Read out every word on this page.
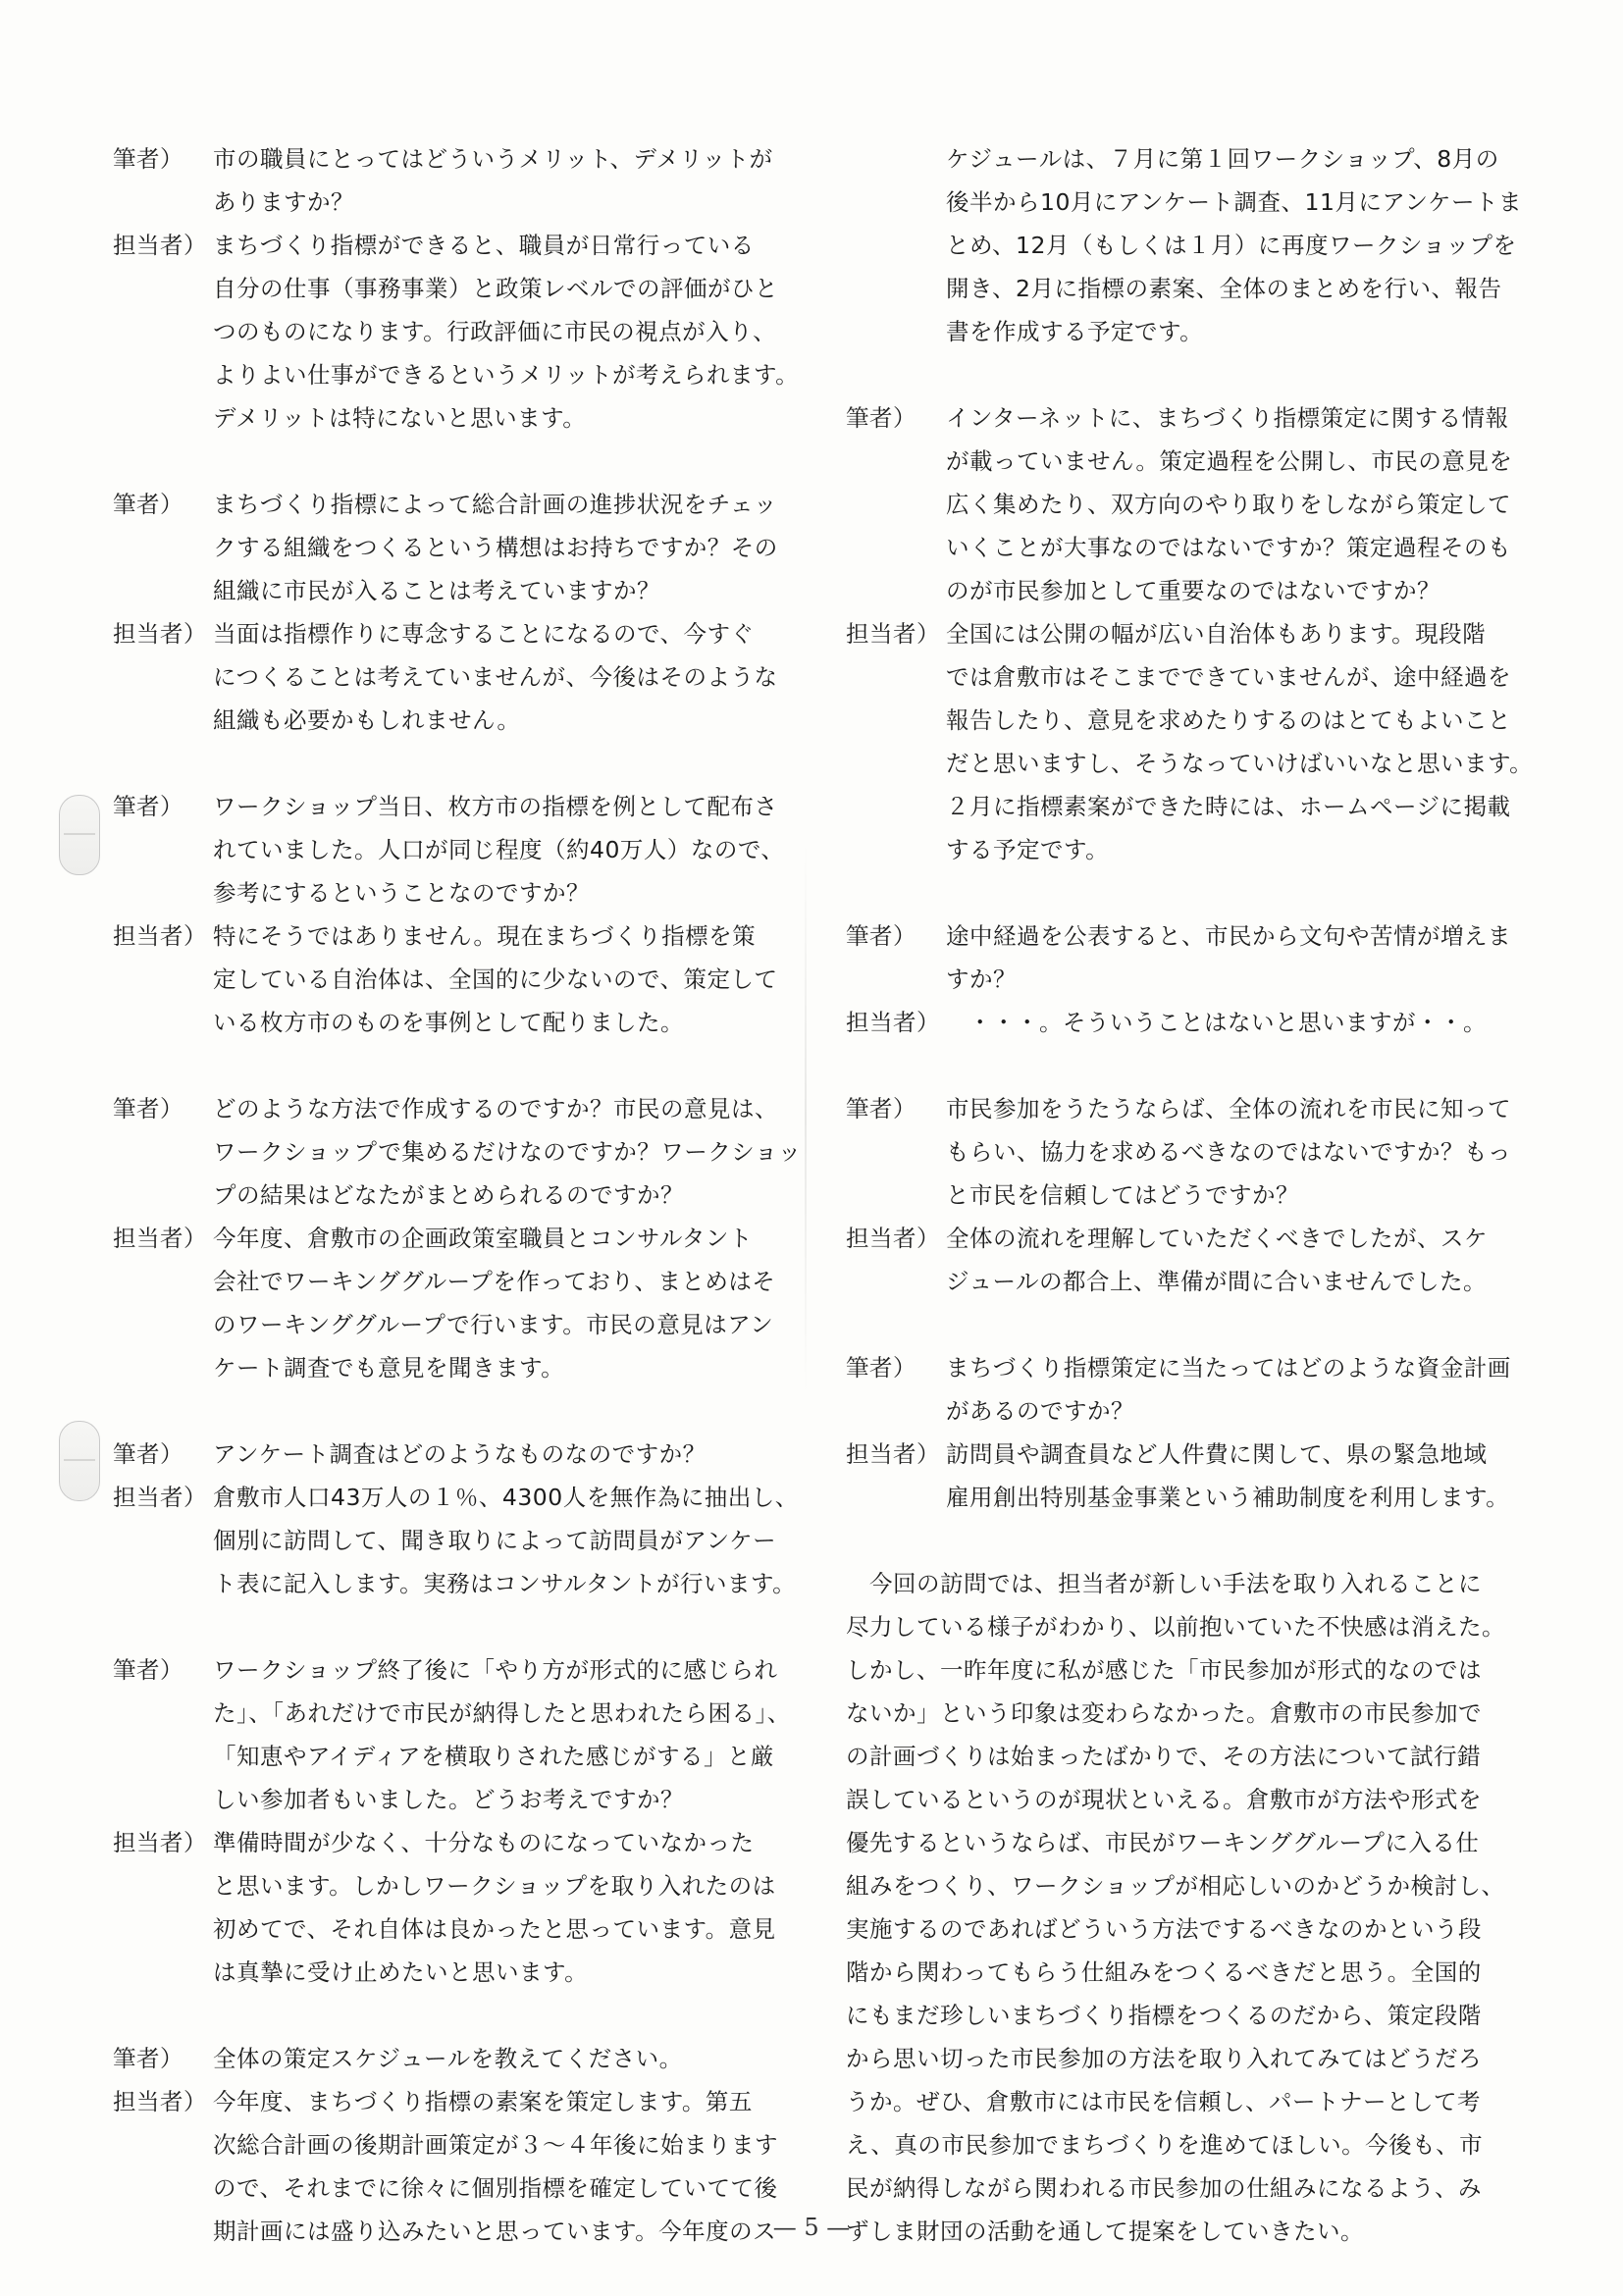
筆者）	市の職員にとってはどういうメリット、デメリットが
ありますか？
担当者） まちづくり指標ができると、職員が日常行っている
自分の仕事（事務事業）と政策レベルでの評価がひと
つのものになります。行政評価に市民の視点が入り、
よりよい仕事ができるというメリットが考えられます。
デメリットは特にないと思います。
筆者）	まちづくり指標によって総合計画の進捗状況をチェッ
クする組織をつくるという構想はお持ちですか？その
組織に市民が入ることは考えていますか？
担当者） 当面は指標作りに専念することになるので、今すぐ
につくることは考えていませんが、今後はそのような
組織も必要かもしれません。
筆者）	ワークショップ当日、枚方市の指標を例として配布さ
れていました。人口が同じ程度（約40万人）なので、
参考にするということなのですか？
担当者） 特にそうではありません。現在まちづくり指標を策
定している自治体は、全国的に少ないので、策定して
いる枚方市のものを事例として配りました。
筆者）	どのような方法で作成するのですか？市民の意見は、
ワークショップで集めるだけなのですか？ワークショッ
プの結果はどなたがまとめられるのですか？
担当者） 今年度、倉敷市の企画政策室職員とコンサルタント
会社でワーキンググループを作っており、まとめはそ
のワーキンググループで行います。市民の意見はアン
ケート調査でも意見を聞きます。
筆者）	アンケート調査はどのようなものなのですか？
担当者） 倉敷市人口43万人の１％、4300人を無作為に抽出し、
個別に訪問して、聞き取りによって訪問員がアンケー
ト表に記入します。実務はコンサルタントが行います。
筆者）	ワークショップ終了後に「やり方が形式的に感じられ
た」、「あれだけで市民が納得したと思われたら困る」、
「知恵やアイディアを横取りされた感じがする」と厳
しい参加者もいました。どうお考えですか？
担当者） 準備時間が少なく、十分なものになっていなかった
と思います。しかしワークショップを取り入れたのは
初めてで、それ自体は良かったと思っています。意見
は真摯に受け止めたいと思います。
筆者）	全体の策定スケジュールを教えてください。
担当者） 今年度、まちづくり指標の素案を策定します。第五
次総合計画の後期計画策定が３～４年後に始まります
ので、それまでに徐々に個別指標を確定していてて後
期計画には盛り込みたいと思っています。今年度のス
ケジュールは、７月に第１回ワークショップ、8月の
後半から10月にアンケート調査、11月にアンケートま
とめ、12月（もしくは１月）に再度ワークショップを
開き、2月に指標の素案、全体のまとめを行い、報告
書を作成する予定です。
筆者）	インターネットに、まちづくり指標策定に関する情報
が載っていません。策定過程を公開し、市民の意見を
広く集めたり、双方向のやり取りをしながら策定して
いくことが大事なのではないですか？策定過程そのも
のが市民参加として重要なのではないですか？
担当者） 全国には公開の幅が広い自治体もあります。現段階
では倉敷市はそこまでできていませんが、途中経過を
報告したり、意見を求めたりするのはとてもよいこと
だと思いますし、そうなっていけばいいなと思います。
２月に指標素案ができた時には、ホームページに掲載
する予定です。
筆者）	途中経過を公表すると、市民から文句や苦情が増えま
すか？
担当者）	・・・。そういうことはないと思いますが・・。
筆者）	市民参加をうたうならば、全体の流れを市民に知って
もらい、協力を求めるべきなのではないですか？もっ
と市民を信頼してはどうですか？
担当者） 全体の流れを理解していただくべきでしたが、スケ
ジュールの都合上、準備が間に合いませんでした。
筆者）	まちづくり指標策定に当たってはどのような資金計画
があるのですか？
担当者） 訪問員や調査員など人件費に関して、県の緊急地域
雇用創出特別基金事業という補助制度を利用します。
　今回の訪問では、担当者が新しい手法を取り入れることに
尽力している様子がわかり、以前抱いていた不快感は消えた。
しかし、一昨年度に私が感じた「市民参加が形式的なのでは
ないか」という印象は変わらなかった。倉敷市の市民参加で
の計画づくりは始まったばかりで、その方法について試行錯
誤しているというのが現状といえる。倉敷市が方法や形式を
優先するというならば、市民がワーキンググループに入る仕
組みをつくり、ワークショップが相応しいのかどうか検討し、
実施するのであればどういう方法でするべきなのかという段
階から関わってもらう仕組みをつくるべきだと思う。全国的
にもまだ珍しいまちづくり指標をつくるのだから、策定段階
から思い切った市民参加の方法を取り入れてみてはどうだろ
うか。ぜひ、倉敷市には市民を信頼し、パートナーとして考
え、真の市民参加でまちづくりを進めてほしい。今後も、市
民が納得しながら関われる市民参加の仕組みになるよう、み
ずしま財団の活動を通して提案をしていきたい。
— 5 —
